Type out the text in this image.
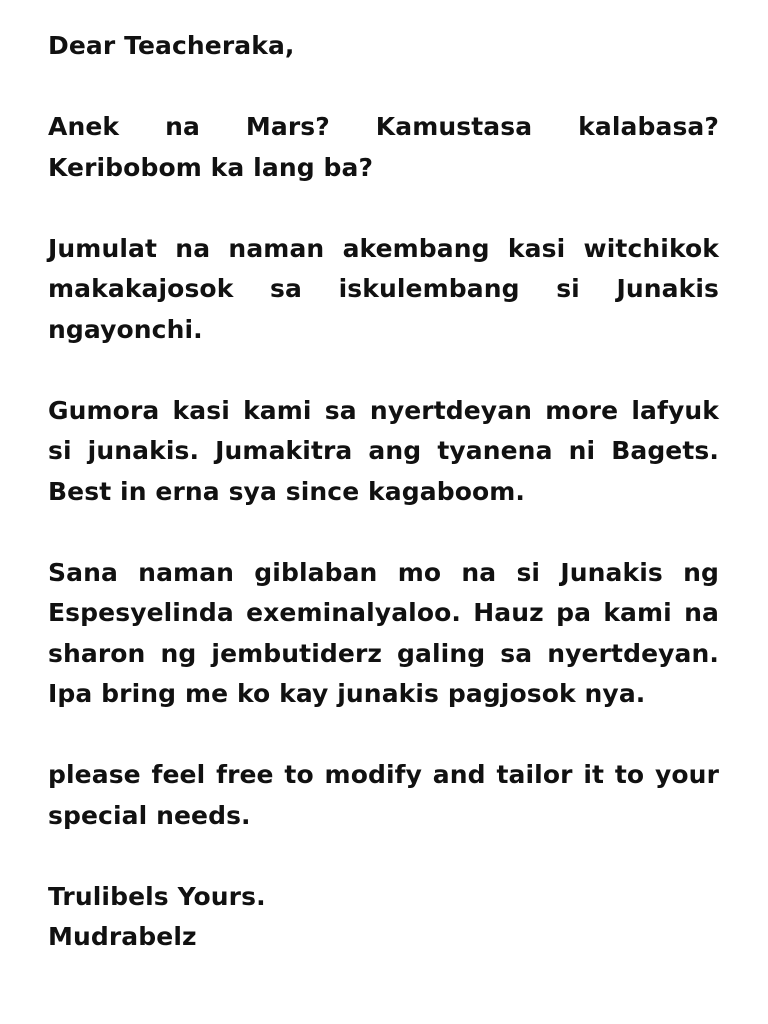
Dear Teacheraka,

Anek na Mars? Kamustasa kalabasa? Keribobom ka lang ba?

Jumulat na naman akembang kasi witchikok makakajosok sa iskulembang si Junakis ngayonchi.

Gumora kasi kami sa nyertdeyan more lafyuk si junakis. Jumakitra ang tyanena ni Bagets. Best in erna sya since kagaboom.

Sana naman giblaban mo na si Junakis ng Espesyelinda exeminalyaloo. Hauz pa kami na sharon ng jembutiderz galing sa nyertdeyan. Ipa bring me ko kay junakis pagjosok nya.

please feel free to modify and tailor it to your special needs.

Trulibels Yours.
Mudrabelz
